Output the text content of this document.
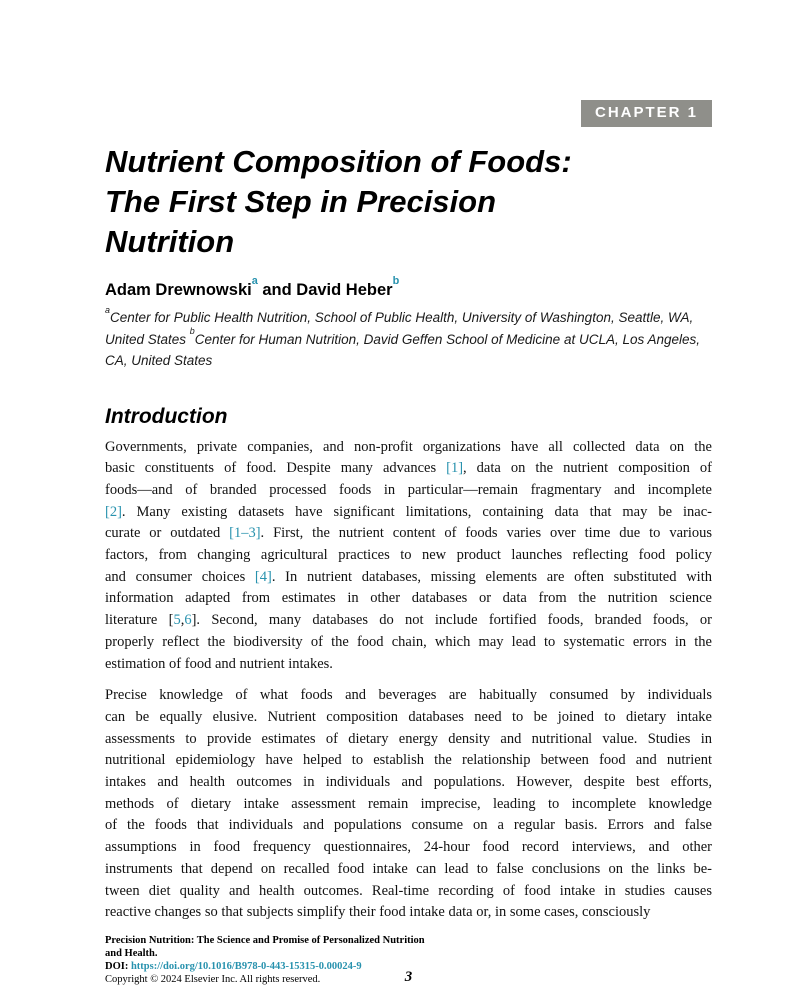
CHAPTER 1
Nutrient Composition of Foods:
The First Step in Precision
Nutrition

Adam Drewnowski$^a$ and David Heber$^b$

$^a$Center for Public Health Nutrition, School of Public Health, University of Washington, Seattle, WA,
United States $^b$Center for Human Nutrition, David Geffen School of Medicine at UCLA, Los Angeles,
CA, United States
Introduction
Governments, private companies, and non-profit organizations have all collected data on the
basic constituents of food. Despite many advances [1], data on the nutrient composition of
foods—and of branded processed foods in particular—remain fragmentary and incomplete
[2]. Many existing datasets have significant limitations, containing data that may be inac-
curate or outdated [1–3]. First, the nutrient content of foods varies over time due to various
factors, from changing agricultural practices to new product launches reflecting food policy
and consumer choices [4]. In nutrient databases, missing elements are often substituted with
information adapted from estimates in other databases or data from the nutrition science
literature [5,6]. Second, many databases do not include fortified foods, branded foods, or
properly reflect the biodiversity of the food chain, which may lead to systematic errors in the
estimation of food and nutrient intakes.
Precise knowledge of what foods and beverages are habitually consumed by individuals
can be equally elusive. Nutrient composition databases need to be joined to dietary intake
assessments to provide estimates of dietary energy density and nutritional value. Studies in
nutritional epidemiology have helped to establish the relationship between food and nutrient
intakes and health outcomes in individuals and populations. However, despite best efforts,
methods of dietary intake assessment remain imprecise, leading to incomplete knowledge
of the foods that individuals and populations consume on a regular basis. Errors and false
assumptions in food frequency questionnaires, 24-hour food record interviews, and other
instruments that depend on recalled food intake can lead to false conclusions on the links be-
tween diet quality and health outcomes. Real-time recording of food intake in studies causes
reactive changes so that subjects simplify their food intake data or, in some cases, consciously
Precision Nutrition: The Science and Promise of Personalized Nutrition
and Health.
DOI: https://doi.org/10.1016/B978-0-443-15315-0.00024-9
Copyright © 2024 Elsevier Inc. All rights reserved.	3
